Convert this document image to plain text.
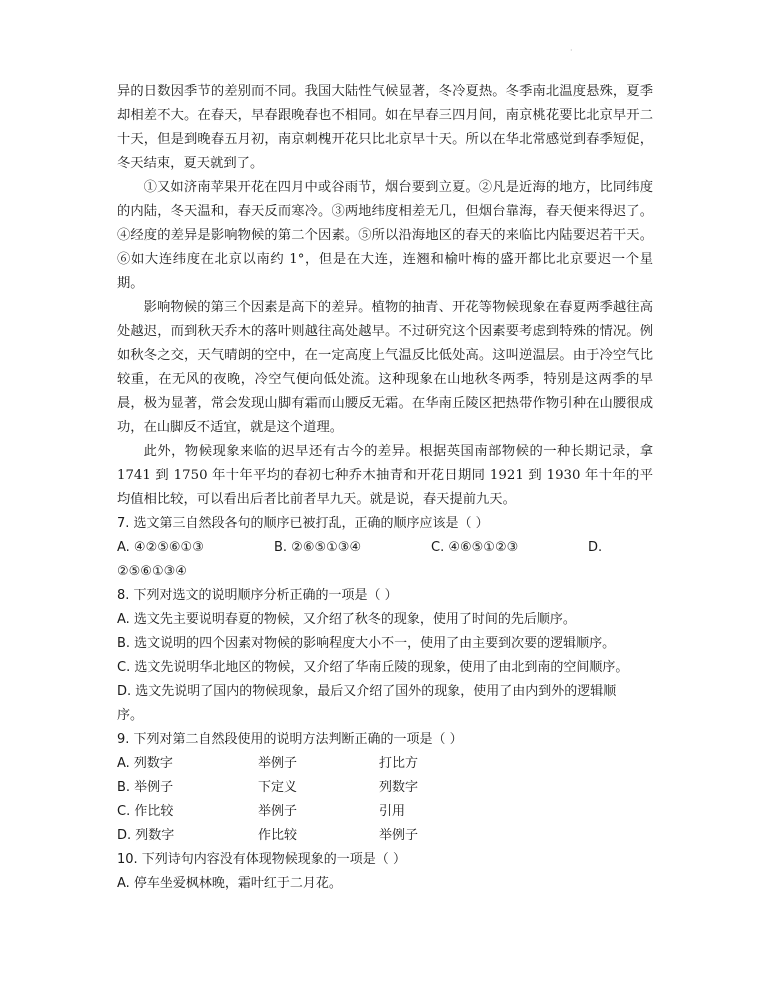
·

异的日数因季节的差别而不同。我国大陆性气候显著，冬冷夏热。冬季南北温度悬殊，夏季却相差不大。在春天，早春跟晚春也不相同。如在早春三四月间，南京桃花要比北京早开二十天，但是到晚春五月初，南京刺槐开花只比北京早十天。所以在华北常感觉到春季短促，冬天结束，夏天就到了。

①又如济南苹果开花在四月中或谷雨节，烟台要到立夏。②凡是近海的地方，比同纬度的内陆，冬天温和，春天反而寒冷。③两地纬度相差无几，但烟台靠海，春天便来得迟了。④经度的差异是影响物候的第二个因素。⑤所以沿海地区的春天的来临比内陆要迟若干天。⑥如大连纬度在北京以南约 1°，但是在大连，连翘和榆叶梅的盛开都比北京要迟一个星期。

影响物候的第三个因素是高下的差异。植物的抽青、开花等物候现象在春夏两季越往高处越迟，而到秋天乔木的落叶则越往高处越早。不过研究这个因素要考虑到特殊的情况。例如秋冬之交，天气晴朗的空中，在一定高度上气温反比低处高。这叫逆温层。由于冷空气比较重，在无风的夜晚，冷空气便向低处流。这种现象在山地秋冬两季，特别是这两季的早晨，极为显著，常会发现山脚有霜而山腰反无霜。在华南丘陵区把热带作物引种在山腰很成功，在山脚反不适宜，就是这个道理。

此外，物候现象来临的迟早还有古今的差异。根据英国南部物候的一种长期记录，拿 1741 到 1750 年十年平均的春初七种乔木抽青和开花日期同 1921 到 1930 年十年的平均值相比较，可以看出后者比前者早九天。就是说，春天提前九天。

7. 选文第三自然段各句的顺序已被打乱，正确的顺序应该是（ ）

A. ④②⑤⑥①③	B. ②⑥⑤①③④	C. ④⑥⑤①②③	D.

②⑤⑥①③④

8. 下列对选文的说明顺序分析正确的一项是（ ）

A. 选文先主要说明春夏的物候，又介绍了秋冬的现象，使用了时间的先后顺序。

B. 选文说明的四个因素对物候的影响程度大小不一，使用了由主要到次要的逻辑顺序。

C. 选文先说明华北地区的物候，又介绍了华南丘陵的现象，使用了由北到南的空间顺序。

D. 选文先说明了国内的物候现象，最后又介绍了国外的现象，使用了由内到外的逻辑顺

序。

9. 下列对第二自然段使用的说明方法判断正确的一项是（ ）

A. 列数字	举例子	打比方
B. 举例子	下定义	列数字
C. 作比较	举例子	引用
D. 列数字	作比较	举例子

10. 下列诗句内容没有体现物候现象的一项是（ ）

A. 停车坐爱枫林晚，霜叶红于二月花。
